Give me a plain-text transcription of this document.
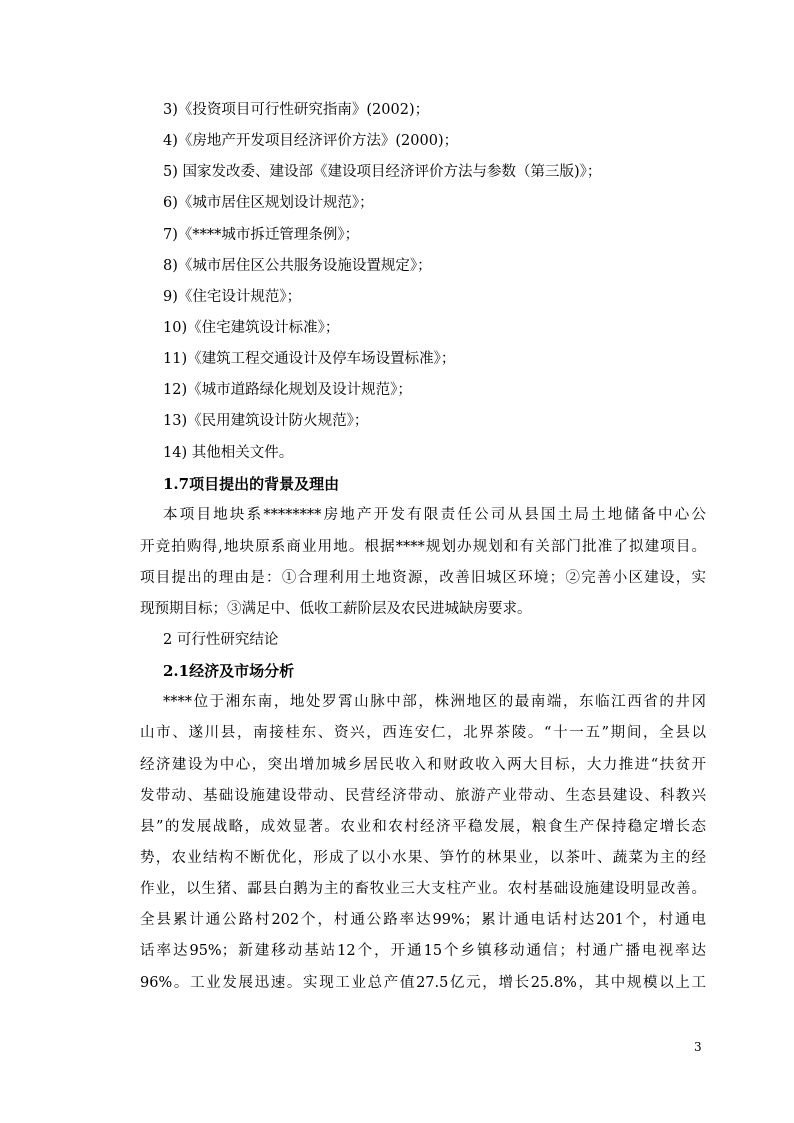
3)《投资项目可行性研究指南》(2002)；
4)《房地产开发项目经济评价方法》(2000)；
5) 国家发改委、建设部《建设项目经济评价方法与参数（第三版)》；
6)《城市居住区规划设计规范》；
7)《****城市拆迁管理条例》；
8)《城市居住区公共服务设施设置规定》；
9)《住宅设计规范》；
10)《住宅建筑设计标准》；
11)《建筑工程交通设计及停车场设置标准》；
12)《城市道路绿化规划及设计规范》；
13)《民用建筑设计防火规范》；
14) 其他相关文件。
1.7项目提出的背景及理由
本项目地块系********房地产开发有限责任公司从县国土局土地储备中心公
开竞拍购得,地块原系商业用地。根据****规划办规划和有关部门批准了拟建项目。
项目提出的理由是：①合理利用土地资源，改善旧城区环境；②完善小区建设，实
现预期目标；③满足中、低收工薪阶层及农民进城缺房要求。
2 可行性研究结论
2.1经济及市场分析
****位于湘东南，地处罗霄山脉中部，株洲地区的最南端，东临江西省的井冈
山市、遂川县，南接桂东、资兴，西连安仁，北界茶陵。“十一五”期间，全县以
经济建设为中心，突出增加城乡居民收入和财政收入两大目标，大力推进“扶贫开
发带动、基础设施建设带动、民营经济带动、旅游产业带动、生态县建设、科教兴
县”的发展战略，成效显著。农业和农村经济平稳发展，粮食生产保持稳定增长态
势，农业结构不断优化，形成了以小水果、笋竹的林果业，以茶叶、蔬菜为主的经
作业，以生猪、酃县白鹅为主的畜牧业三大支柱产业。农村基础设施建设明显改善。
全县累计通公路村202个，村通公路率达99%；累计通电话村达201个，村通电
话率达95%；新建移动基站12个，开通15个乡镇移动通信；村通广播电视率达
96%。工业发展迅速。实现工业总产值27.5亿元，增长25.8%，其中规模以上工
3
